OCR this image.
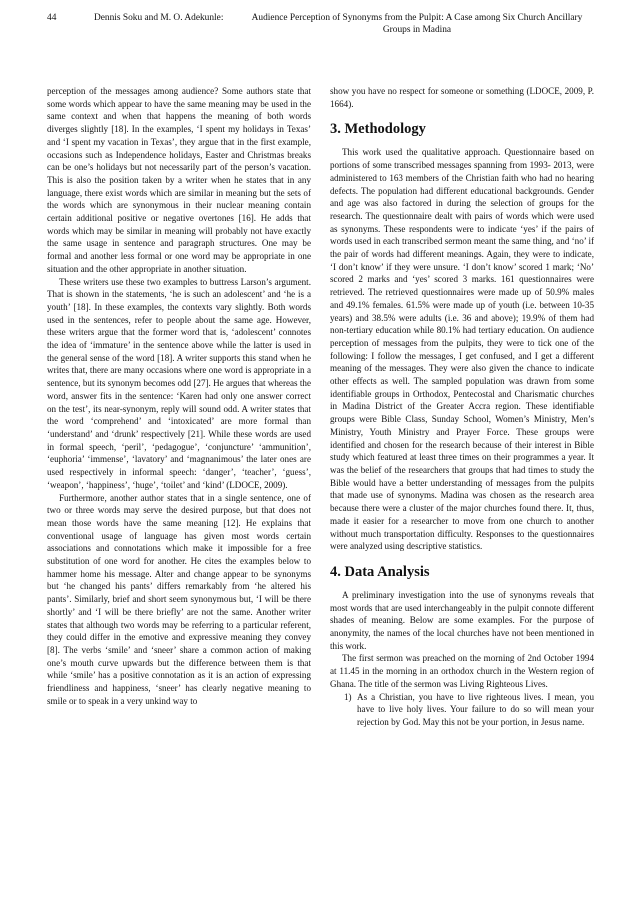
44	Dennis Soku and M. O. Adekunle:	Audience Perception of Synonyms from the Pulpit: A Case among Six Church Ancillary Groups in Madina

perception of the messages among audience? Some authors state that some words which appear to have the same meaning may be used in the same context and when that happens the meaning of both words diverges slightly [18]. In the examples, ‘I spent my holidays in Texas’ and ‘I spent my vacation in Texas’, they argue that in the first example, occasions such as Independence holidays, Easter and Christmas breaks can be one’s holidays but not necessarily part of the person’s vacation. This is also the position taken by a writer when he states that in any language, there exist words which are similar in meaning but the sets of the words which are synonymous in their nuclear meaning contain certain additional positive or negative overtones [16]. He adds that words which may be similar in meaning will probably not have exactly the same usage in sentence and paragraph structures. One may be formal and another less formal or one word may be appropriate in one situation and the other appropriate in another situation.

These writers use these two examples to buttress Larson’s argument. That is shown in the statements, ‘he is such an adolescent’ and ‘he is a youth’ [18]. In these examples, the contexts vary slightly. Both words used in the sentences, refer to people about the same age. However, these writers argue that the former word that is, ‘adolescent’ connotes the idea of ‘immature’ in the sentence above while the latter is used in the general sense of the word [18]. A writer supports this stand when he writes that, there are many occasions where one word is appropriate in a sentence, but its synonym becomes odd [27]. He argues that whereas the word, answer fits in the sentence: ‘Karen had only one answer correct on the test’, its near-synonym, reply will sound odd. A writer states that the word ‘comprehend’ and ‘intoxicated’ are more formal than ‘understand’ and ‘drunk’ respectively [21]. While these words are used in formal speech, ‘peril’, ‘pedagogue’, ‘conjuncture’ ‘ammunition’, ‘euphoria’ ‘immense’, ‘lavatory’ and ‘magnanimous’ the later ones are used respectively in informal speech: ‘danger’, ‘teacher’, ‘guess’, ‘weapon’, ‘happiness’, ‘huge’, ‘toilet’ and ‘kind’ (LDOCE, 2009).

Furthermore, another author states that in a single sentence, one of two or three words may serve the desired purpose, but that does not mean those words have the same meaning [12]. He explains that conventional usage of language has given most words certain associations and connotations which make it impossible for a free substitution of one word for another. He cites the examples below to hammer home his message. Alter and change appear to be synonyms but ‘he changed his pants’ differs remarkably from ‘he altered his pants’. Similarly, brief and short seem synonymous but, ‘I will be there shortly’ and ‘I will be there briefly’ are not the same. Another writer states that although two words may be referring to a particular referent, they could differ in the emotive and expressive meaning they convey [8]. The verbs ‘smile’ and ‘sneer’ share a common action of making one’s mouth curve upwards but the difference between them is that while ‘smile’ has a positive connotation as it is an action of expressing friendliness and happiness, ‘sneer’ has clearly negative meaning to smile or to speak in a very unkind way to

show you have no respect for someone or something (LDOCE, 2009, P. 1664).

3. Methodology

This work used the qualitative approach. Questionnaire based on portions of some transcribed messages spanning from 1993- 2013, were administered to 163 members of the Christian faith who had no hearing defects. The population had different educational backgrounds. Gender and age was also factored in during the selection of groups for the research. The questionnaire dealt with pairs of words which were used as synonyms. These respondents were to indicate ‘yes’ if the pairs of words used in each transcribed sermon meant the same thing, and ‘no’ if the pair of words had different meanings. Again, they were to indicate, ‘I don’t know’ if they were unsure. ‘I don’t know’ scored 1 mark; ‘No’ scored 2 marks and ‘yes’ scored 3 marks. 161 questionnaires were retrieved. The retrieved questionnaires were made up of 50.9% males and 49.1% females. 61.5% were made up of youth (i.e. between 10-35 years) and 38.5% were adults (i.e. 36 and above); 19.9% of them had non-tertiary education while 80.1% had tertiary education. On audience perception of messages from the pulpits, they were to tick one of the following: I follow the messages, I get confused, and I get a different meaning of the messages. They were also given the chance to indicate other effects as well. The sampled population was drawn from some identifiable groups in Orthodox, Pentecostal and Charismatic churches in Madina District of the Greater Accra region. These identifiable groups were Bible Class, Sunday School, Women’s Ministry, Men’s Ministry, Youth Ministry and Prayer Force. These groups were identified and chosen for the research because of their interest in Bible study which featured at least three times on their programmes a year. It was the belief of the researchers that groups that had times to study the Bible would have a better understanding of messages from the pulpits that made use of synonyms. Madina was chosen as the research area because there were a cluster of the major churches found there. It, thus, made it easier for a researcher to move from one church to another without much transportation difficulty. Responses to the questionnaires were analyzed using descriptive statistics.

4. Data Analysis

A preliminary investigation into the use of synonyms reveals that most words that are used interchangeably in the pulpit connote different shades of meaning. Below are some examples. For the purpose of anonymity, the names of the local churches have not been mentioned in this work.

The first sermon was preached on the morning of 2nd October 1994 at 11.45 in the morning in an orthodox church in the Western region of Ghana. The title of the sermon was Living Righteous Lives.

1) As a Christian, you have to live righteous lives. I mean, you have to live holy lives. Your failure to do so will mean your rejection by God. May this not be your portion, in Jesus name.
